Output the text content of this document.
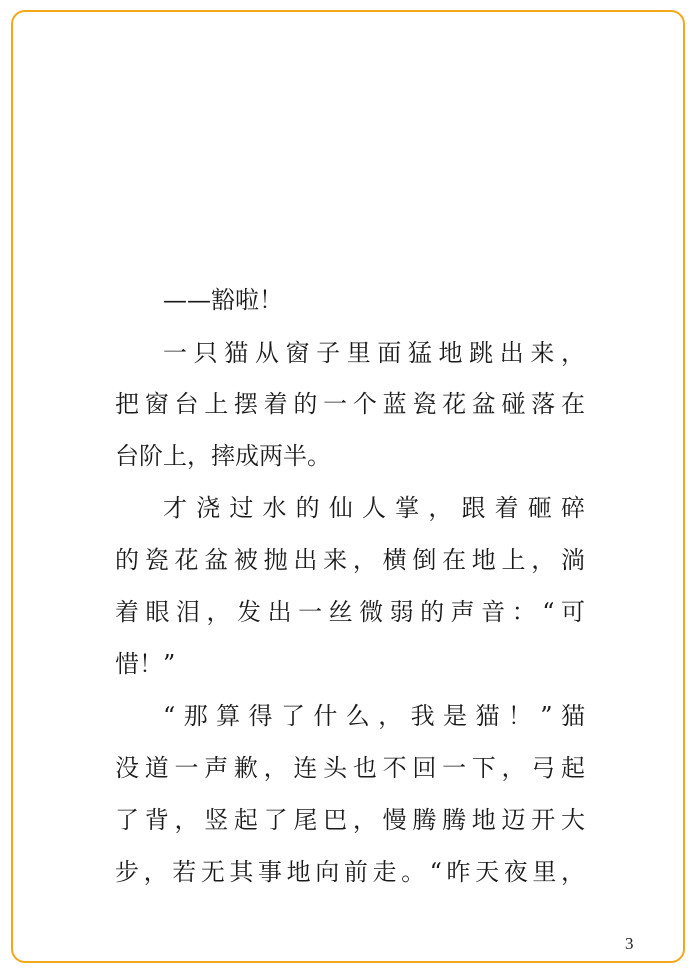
——豁啦！
一只猫从窗子里面猛地跳出来，
把窗台上摆着的一个蓝瓷花盆碰落在
台阶上，摔成两半。
才浇过水的仙人掌，跟着砸碎
的瓷花盆被抛出来，横倒在地上，淌
着眼泪，发出一丝微弱的声音：“可
惜！”
“那算得了什么，我是猫！”猫
没道一声歉，连头也不回一下，弓起
了背，竖起了尾巴，慢腾腾地迈开大
步，若无其事地向前走。“昨天夜里，
3
